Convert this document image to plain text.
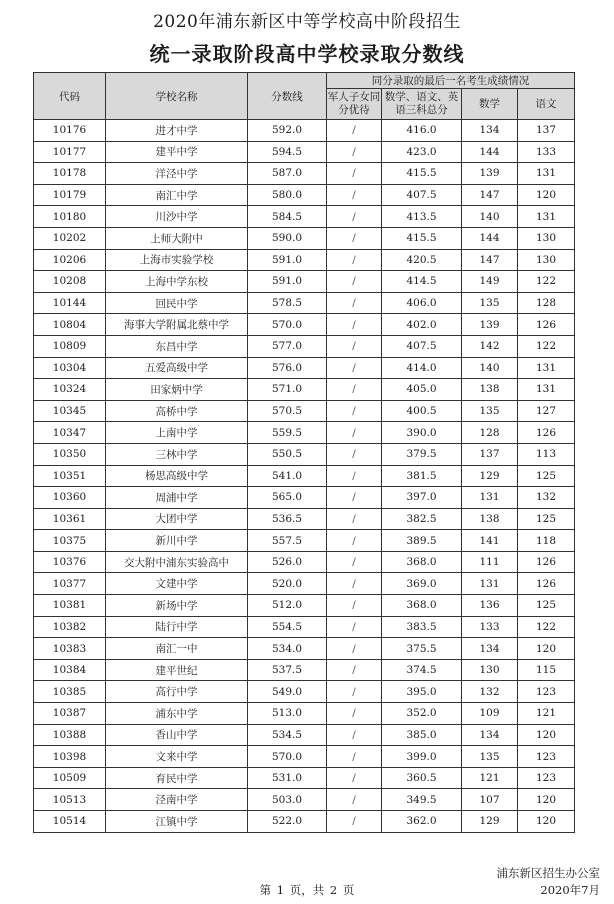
2020年浦东新区中等学校高中阶段招生
统一录取阶段高中学校录取分数线
代码	学校名称	分数线	同分录取的最后一名考生成绩情况			
			军人子女同分优待	数学、语文、英语三科总分	数学	语文
10176	进才中学	592.0	/	416.0	134	137
10177	建平中学	594.5	/	423.0	144	133
10178	洋泾中学	587.0	/	415.5	139	131
10179	南汇中学	580.0	/	407.5	147	120
10180	川沙中学	584.5	/	413.5	140	131
10202	上师大附中	590.0	/	415.5	144	130
10206	上海市实验学校	591.0	/	420.5	147	130
10208	上海中学东校	591.0	/	414.5	149	122
10144	回民中学	578.5	/	406.0	135	128
10804	海事大学附属北蔡中学	570.0	/	402.0	139	126
10809	东昌中学	577.0	/	407.5	142	122
10304	五爱高级中学	576.0	/	414.0	140	131
10324	田家炳中学	571.0	/	405.0	138	131
10345	高桥中学	570.5	/	400.5	135	127
10347	上南中学	559.5	/	390.0	128	126
10350	三林中学	550.5	/	379.5	137	113
10351	杨思高级中学	541.0	/	381.5	129	125
10360	周浦中学	565.0	/	397.0	131	132
10361	大团中学	536.5	/	382.5	138	125
10375	新川中学	557.5	/	389.5	141	118
10376	交大附中浦东实验高中	526.0	/	368.0	111	126
10377	文建中学	520.0	/	369.0	131	126
10381	新场中学	512.0	/	368.0	136	125
10382	陆行中学	554.5	/	383.5	133	122
10383	南汇一中	534.0	/	375.5	134	120
10384	建平世纪	537.5	/	374.5	130	115
10385	高行中学	549.0	/	395.0	132	123
10387	浦东中学	513.0	/	352.0	109	121
10388	香山中学	534.5	/	385.0	134	120
10398	文来中学	570.0	/	399.0	135	123
10509	育民中学	531.0	/	360.5	121	123
10513	泾南中学	503.0	/	349.5	107	120
10514	江镇中学	522.0	/	362.0	129	120
浦东新区招生办公室
第 1 页，共 2 页	2020年7月
